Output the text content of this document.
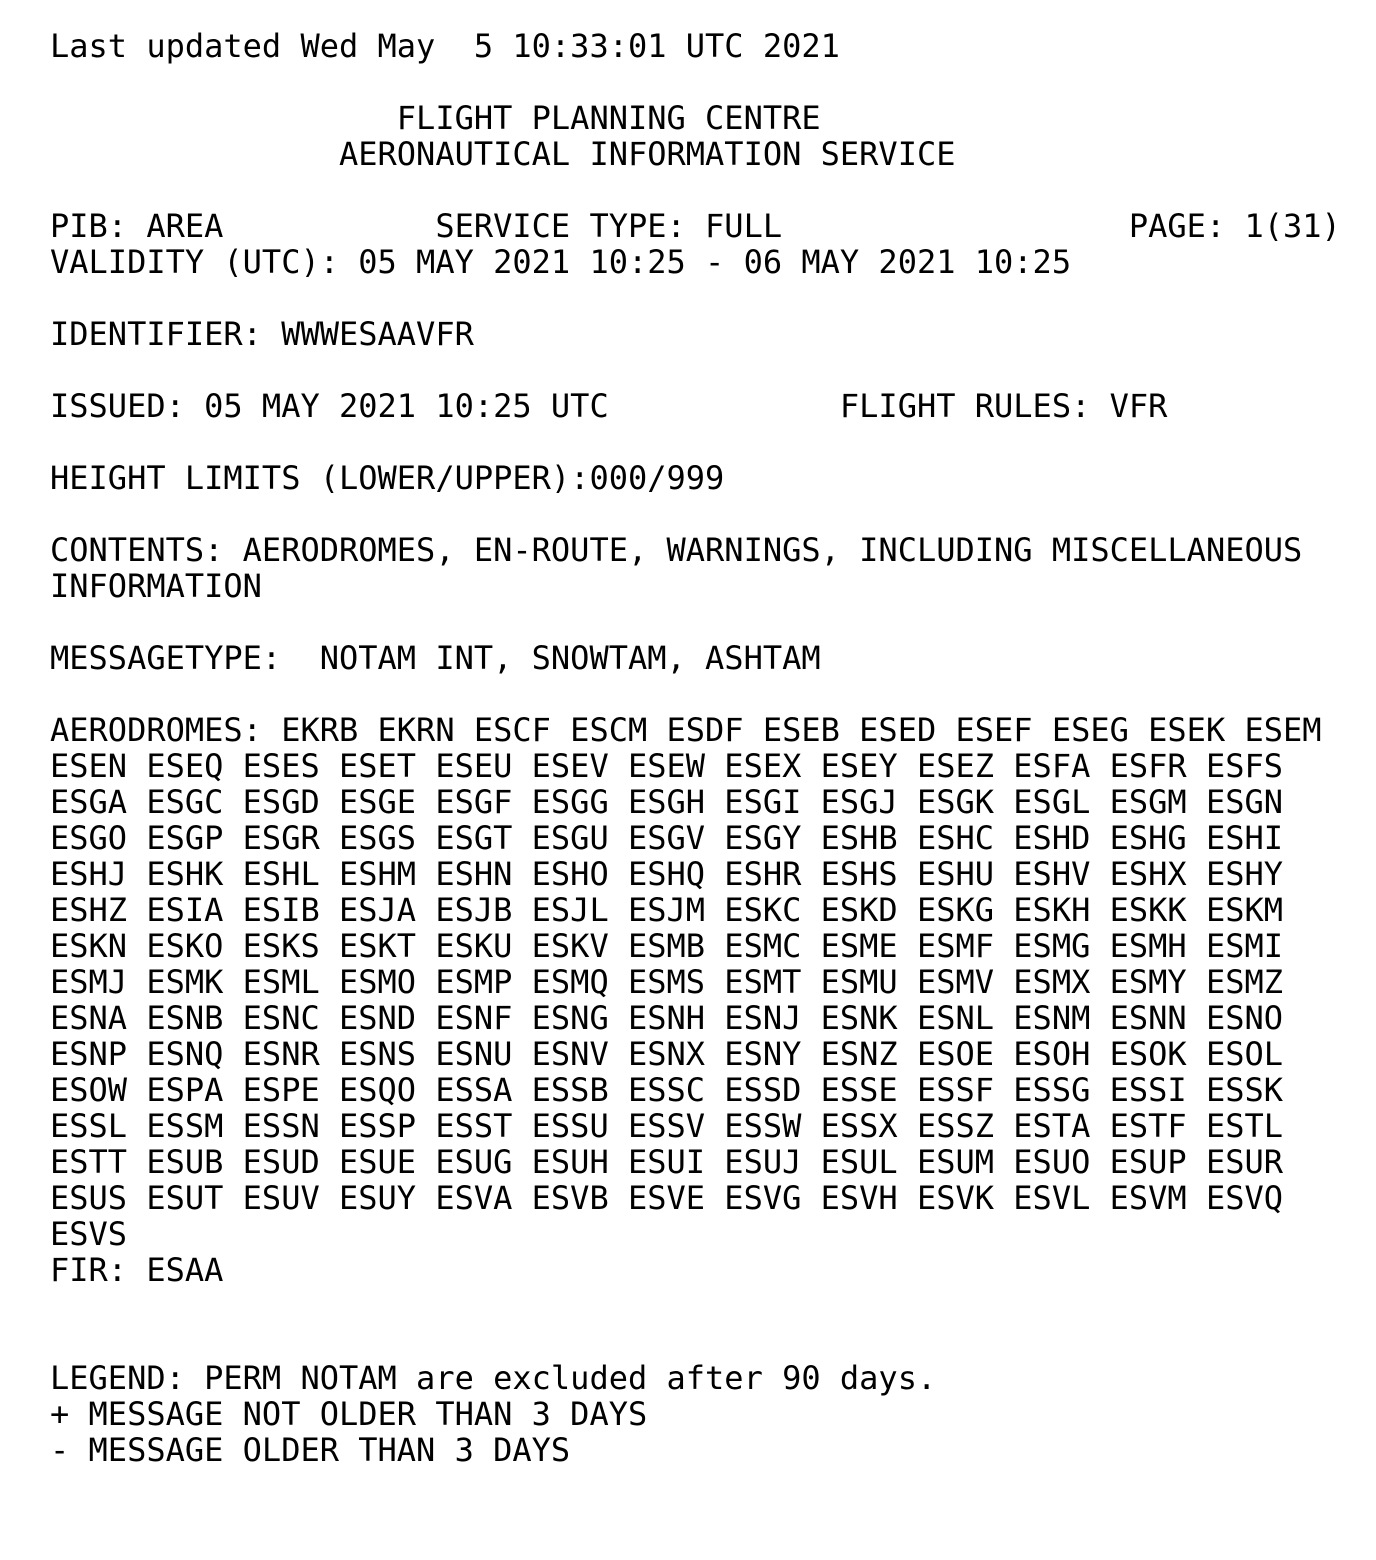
Last updated Wed May  5 10:33:01 UTC 2021
FLIGHT PLANNING CENTRE
AERONAUTICAL INFORMATION SERVICE
PIB: AREA           SERVICE TYPE: FULL                  PAGE: 1(31)
VALIDITY (UTC): 05 MAY 2021 10:25 - 06 MAY 2021 10:25
IDENTIFIER: WWWESAAVFR
ISSUED: 05 MAY 2021 10:25 UTC            FLIGHT RULES: VFR
HEIGHT LIMITS (LOWER/UPPER):000/999
CONTENTS: AERODROMES, EN-ROUTE, WARNINGS, INCLUDING MISCELLANEOUS
INFORMATION
MESSAGETYPE:  NOTAM INT, SNOWTAM, ASHTAM
AERODROMES: EKRB EKRN ESCF ESCM ESDF ESEB ESED ESEF ESEG ESEK ESEM
ESEN ESEQ ESES ESET ESEU ESEV ESEW ESEX ESEY ESEZ ESFA ESFR ESFS
ESGA ESGC ESGD ESGE ESGF ESGG ESGH ESGI ESGJ ESGK ESGL ESGM ESGN
ESGO ESGP ESGR ESGS ESGT ESGU ESGV ESGY ESHB ESHC ESHD ESHG ESHI
ESHJ ESHK ESHL ESHM ESHN ESHO ESHQ ESHR ESHS ESHU ESHV ESHX ESHY
ESHZ ESIA ESIB ESJA ESJB ESJL ESJM ESKC ESKD ESKG ESKH ESKK ESKM
ESKN ESKO ESKS ESKT ESKU ESKV ESMB ESMC ESME ESMF ESMG ESMH ESMI
ESMJ ESMK ESML ESMO ESMP ESMQ ESMS ESMT ESMU ESMV ESMX ESMY ESMZ
ESNA ESNB ESNC ESND ESNF ESNG ESNH ESNJ ESNK ESNL ESNM ESNN ESNO
ESNP ESNQ ESNR ESNS ESNU ESNV ESNX ESNY ESNZ ESOE ESOH ESOK ESOL
ESOW ESPA ESPE ESQO ESSA ESSB ESSC ESSD ESSE ESSF ESSG ESSI ESSK
ESSL ESSM ESSN ESSP ESST ESSU ESSV ESSW ESSX ESSZ ESTA ESTF ESTL
ESTT ESUB ESUD ESUE ESUG ESUH ESUI ESUJ ESUL ESUM ESUO ESUP ESUR
ESUS ESUT ESUV ESUY ESVA ESVB ESVE ESVG ESVH ESVK ESVL ESVM ESVQ
ESVS
FIR: ESAA
LEGEND: PERM NOTAM are excluded after 90 days.
+ MESSAGE NOT OLDER THAN 3 DAYS
- MESSAGE OLDER THAN 3 DAYS
